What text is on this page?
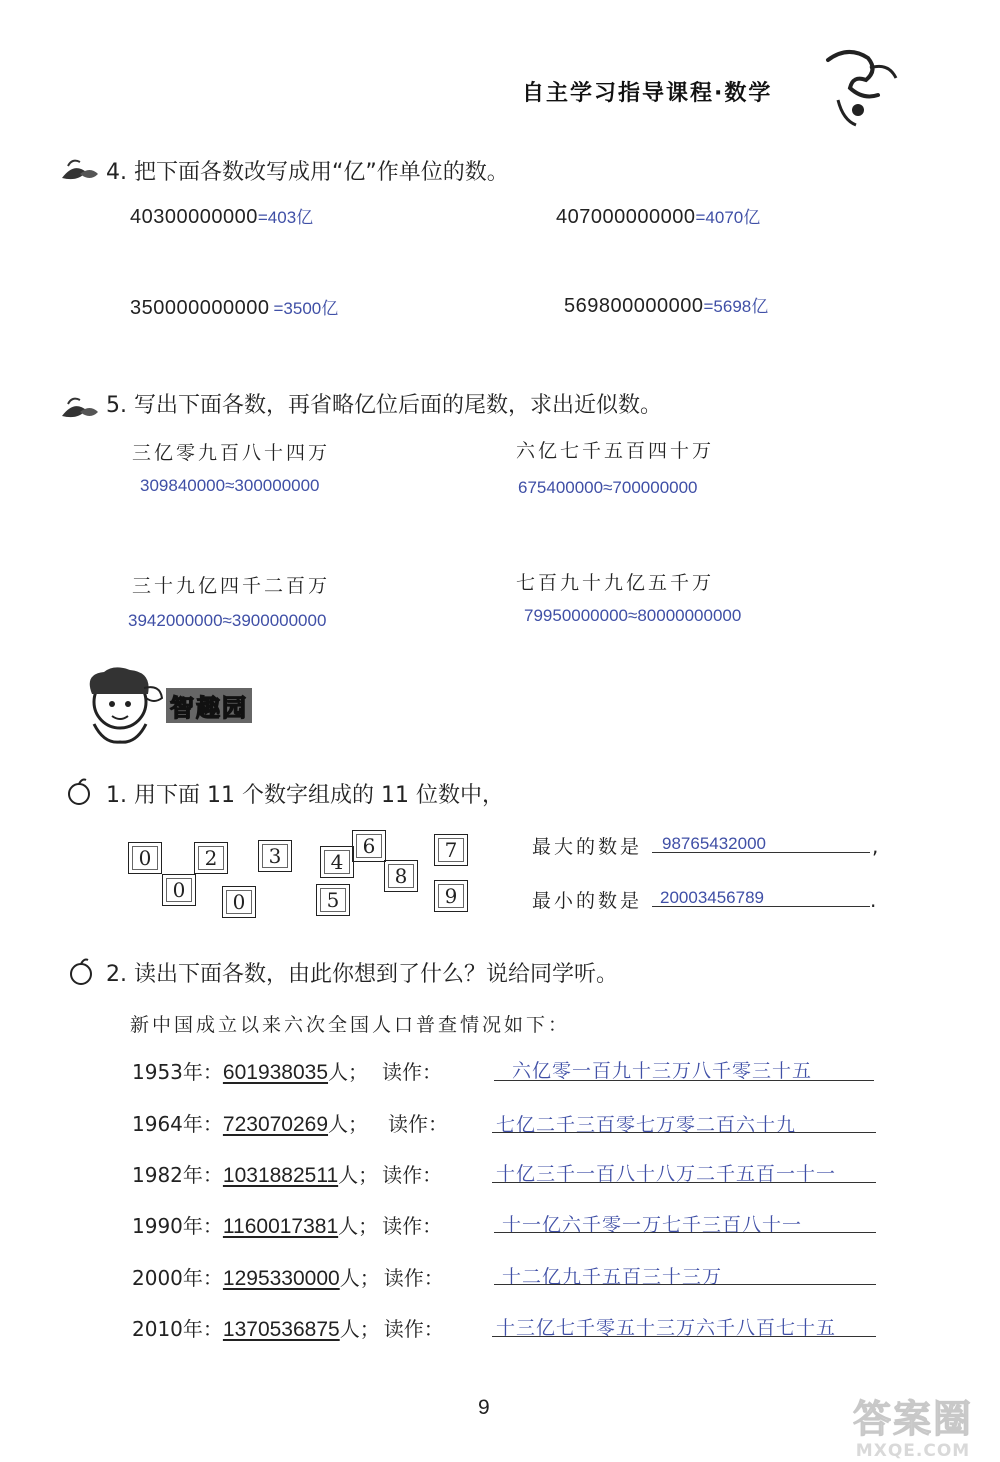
自主学习指导课程·数学
4. 把下面各数改写成用“亿”作单位的数。
40300000000=403亿	407000000000=4070亿
350000000000 =3500亿	569800000000=5698亿
5. 写出下面各数，再省略亿位后面的尾数，求出近似数。
三亿零九百八十四万
309840000≈300000000
六亿七千五百四十万
675400000≈700000000
三十九亿四千二百万
3942000000≈3900000000
七百九十九亿五千万
79950000000≈80000000000
智趣园
1. 用下面 11 个数字组成的 11 位数中，
0
0
2
0
3	4
5
6
8
7
9
最大的数是 98765432000	,
最小的数是 20003456789	.
2. 读出下面各数，由此你想到了什么？说给同学听。
新中国成立以来六次全国人口普查情况如下：
1953年：601938035人； 读作：	六亿零一百九十三万八千零三十五
1964年：723070269人； 读作：	七亿二千三百零七万零二百六十九
1982年：1031882511人； 读作：	十亿三千一百八十八万二千五百一十一
1990年：1160017381人； 读作：	十一亿六千零一万七千三百八十一
2000年：1295330000人； 读作：	十二亿九千五百三十三万
2010年：1370536875人； 读作：	十三亿七千零五十三万六千八百七十五
9	答案圈
MXQE.COM
